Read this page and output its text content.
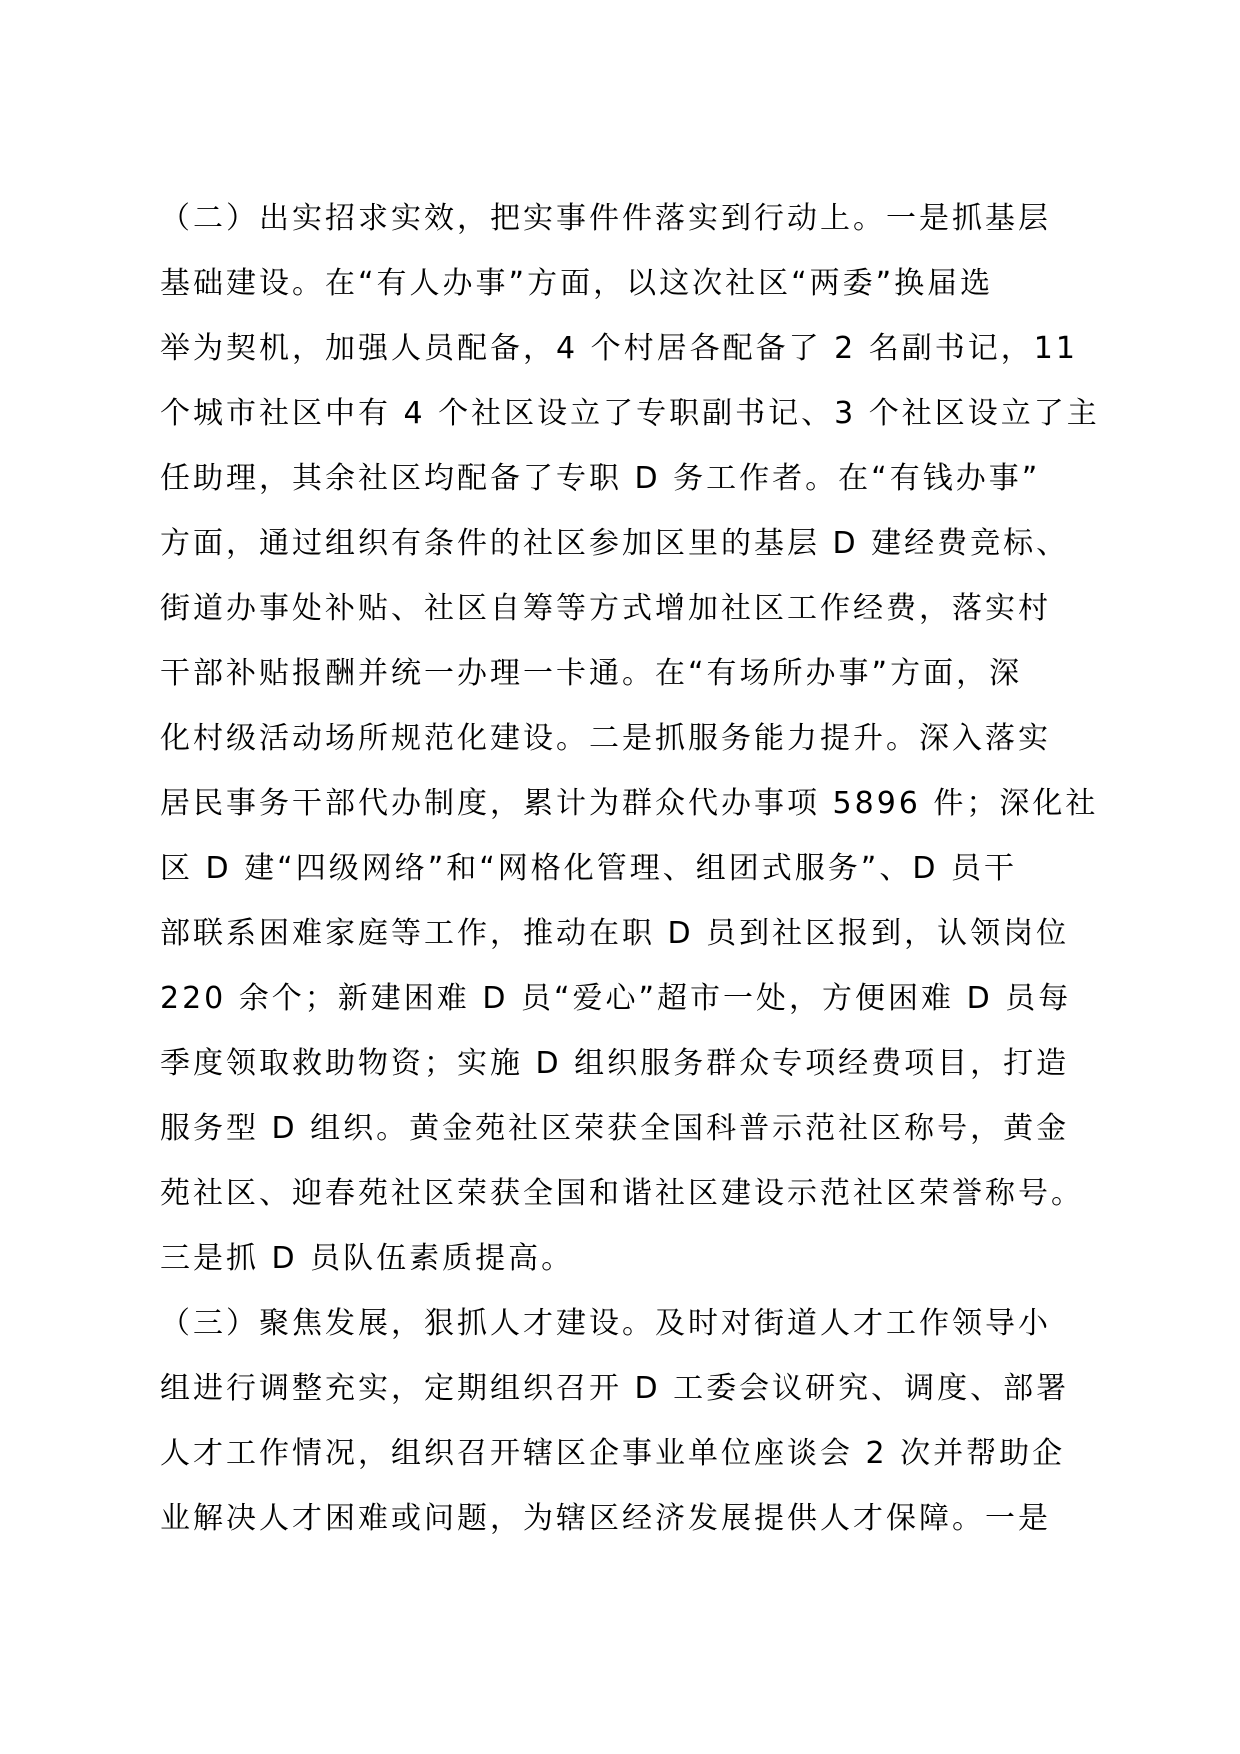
（二）出实招求实效，把实事件件落实到行动上。一是抓基层
基础建设。在“有人办事”方面，以这次社区“两委”换届选
举为契机，加强人员配备，4 个村居各配备了 2 名副书记，11
个城市社区中有 4 个社区设立了专职副书记、3 个社区设立了主
任助理，其余社区均配备了专职 D 务工作者。在“有钱办事”
方面，通过组织有条件的社区参加区里的基层 D 建经费竞标、
街道办事处补贴、社区自筹等方式增加社区工作经费，落实村
干部补贴报酬并统一办理一卡通。在“有场所办事”方面，深
化村级活动场所规范化建设。二是抓服务能力提升。深入落实
居民事务干部代办制度，累计为群众代办事项 5896 件；深化社
区 D 建“四级网络”和“网格化管理、组团式服务”、D 员干
部联系困难家庭等工作，推动在职 D 员到社区报到，认领岗位
220 余个；新建困难 D 员“爱心”超市一处，方便困难 D 员每
季度领取救助物资；实施 D 组织服务群众专项经费项目，打造
服务型 D 组织。黄金苑社区荣获全国科普示范社区称号，黄金
苑社区、迎春苑社区荣获全国和谐社区建设示范社区荣誉称号。
三是抓 D 员队伍素质提高。
（三）聚焦发展，狠抓人才建设。及时对街道人才工作领导小
组进行调整充实，定期组织召开 D 工委会议研究、调度、部署
人才工作情况，组织召开辖区企事业单位座谈会 2 次并帮助企
业解决人才困难或问题，为辖区经济发展提供人才保障。一是
